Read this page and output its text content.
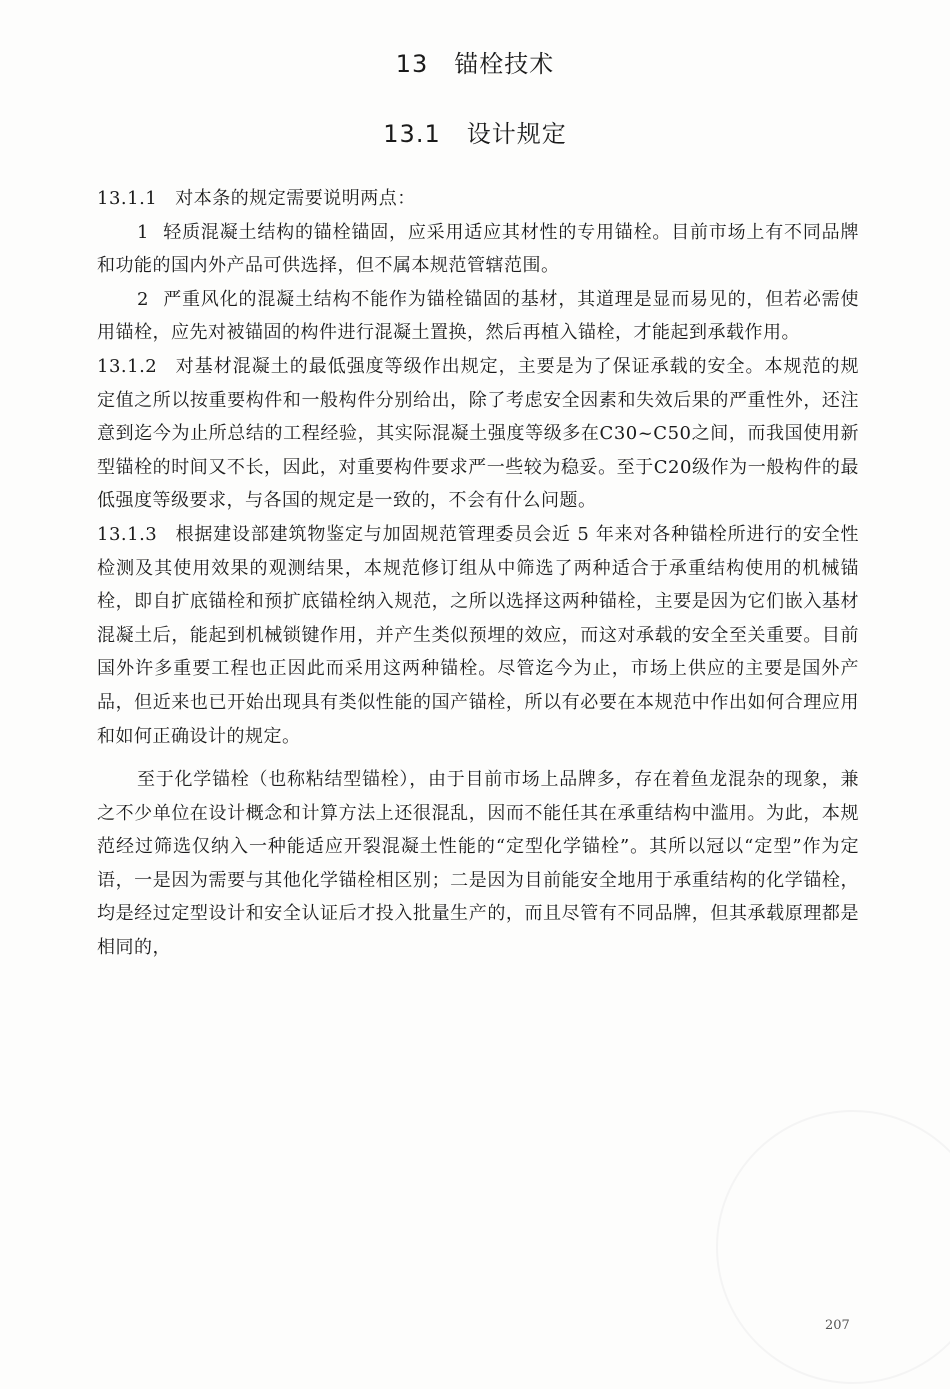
13 锚栓技术
13.1 设计规定

13.1.1 对本条的规定需要说明两点：

1 轻质混凝土结构的锚栓锚固，应采用适应其材性的专用锚栓。目前市场上有不同品牌和功能的国内外产品可供选择，但不属本规范管辖范围。

2 严重风化的混凝土结构不能作为锚栓锚固的基材，其道理是显而易见的，但若必需使用锚栓，应先对被锚固的构件进行混凝土置换，然后再植入锚栓，才能起到承载作用。

13.1.2 对基材混凝土的最低强度等级作出规定，主要是为了保证承载的安全。本规范的规定值之所以按重要构件和一般构件分别给出，除了考虑安全因素和失效后果的严重性外，还注意到迄今为止所总结的工程经验，其实际混凝土强度等级多在C30~C50之间，而我国使用新型锚栓的时间又不长，因此，对重要构件要求严一些较为稳妥。至于C20级作为一般构件的最低强度等级要求，与各国的规定是一致的，不会有什么问题。

13.1.3 根据建设部建筑物鉴定与加固规范管理委员会近 5 年来对各种锚栓所进行的安全性检测及其使用效果的观测结果，本规范修订组从中筛选了两种适合于承重结构使用的机械锚栓，即自扩底锚栓和预扩底锚栓纳入规范，之所以选择这两种锚栓，主要是因为它们嵌入基材混凝土后，能起到机械锁键作用，并产生类似预埋的效应，而这对承载的安全至关重要。目前国外许多重要工程也正因此而采用这两种锚栓。尽管迄今为止，市场上供应的主要是国外产品，但近来也已开始出现具有类似性能的国产锚栓，所以有必要在本规范中作出如何合理应用和如何正确设计的规定。

至于化学锚栓（也称粘结型锚栓），由于目前市场上品牌多，存在着鱼龙混杂的现象，兼之不少单位在设计概念和计算方法上还很混乱，因而不能任其在承重结构中滥用。为此，本规范经过筛选仅纳入一种能适应开裂混凝土性能的“定型化学锚栓”。其所以冠以“定型”作为定语，一是因为需要与其他化学锚栓相区别；二是因为目前能安全地用于承重结构的化学锚栓，均是经过定型设计和安全认证后才投入批量生产的，而且尽管有不同品牌，但其承载原理都是相同的，

207
